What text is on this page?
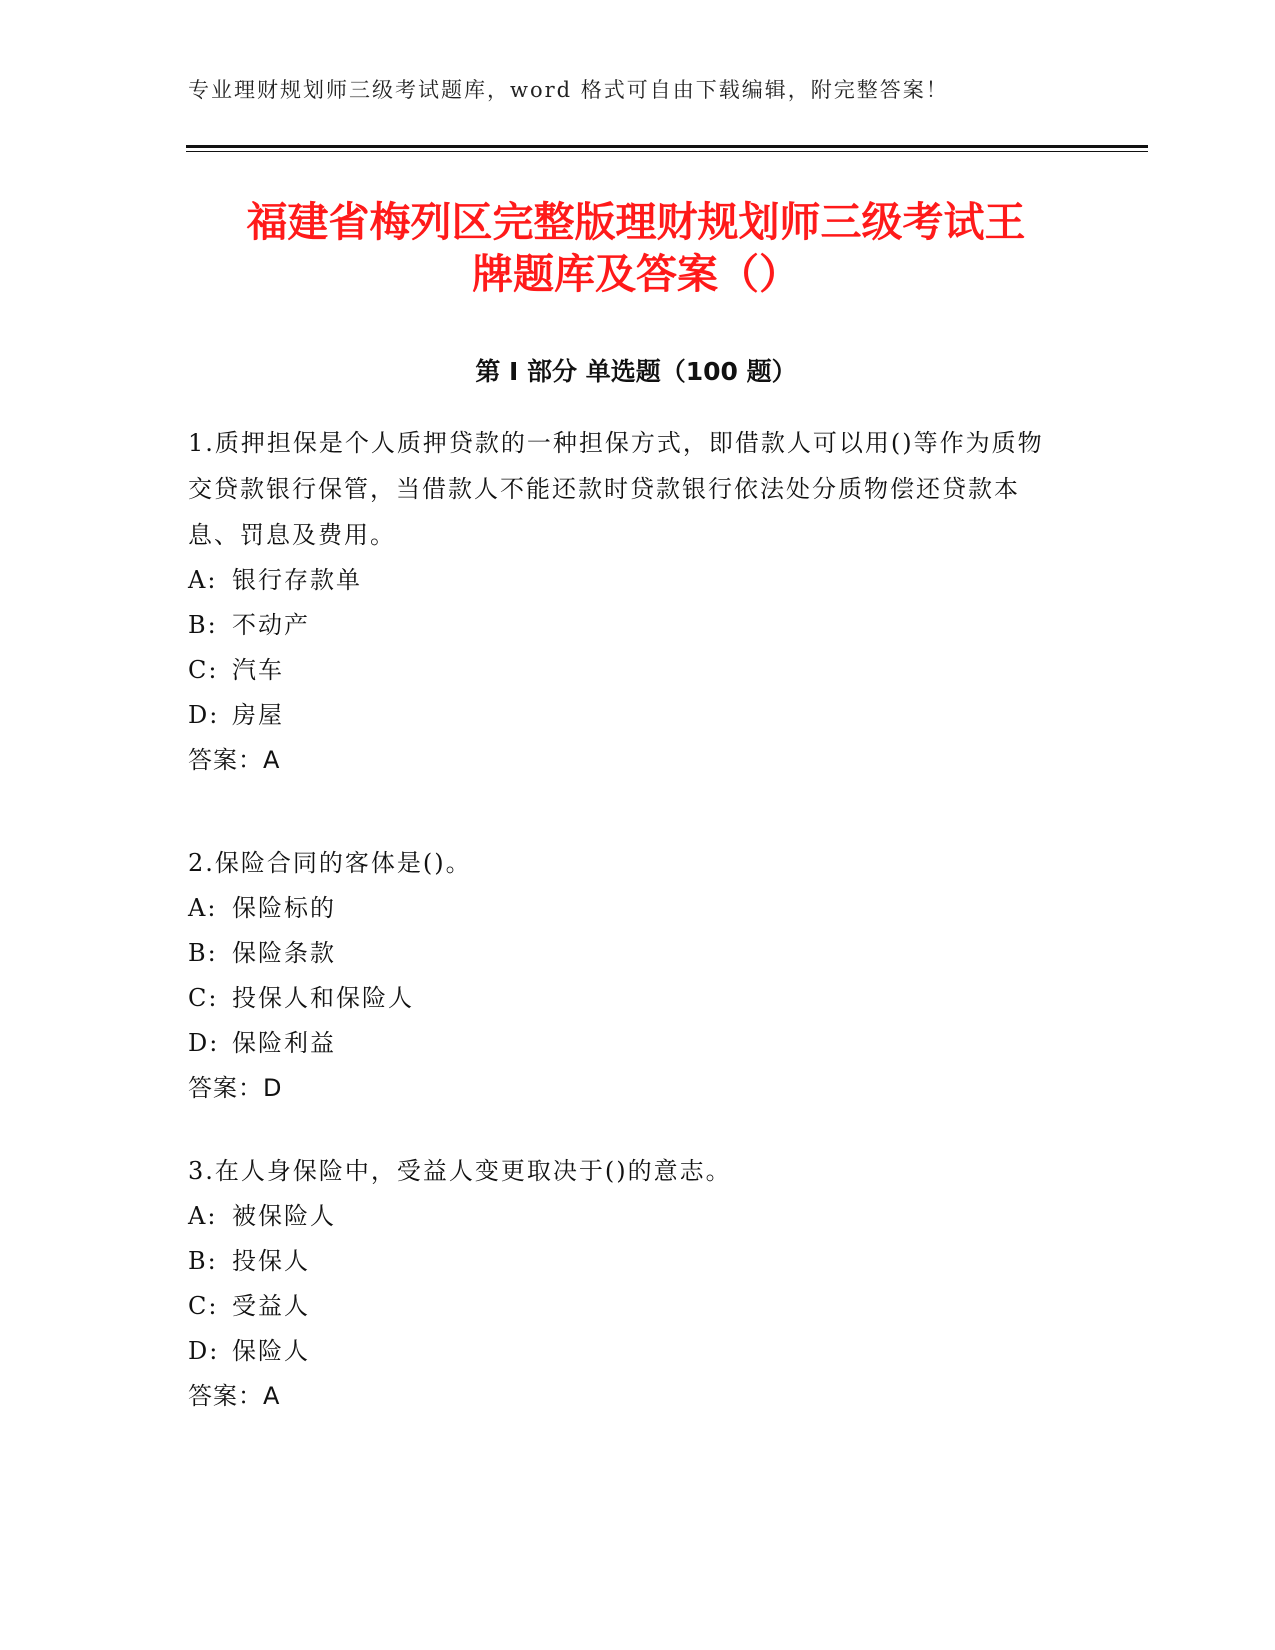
专业理财规划师三级考试题库，word 格式可自由下载编辑，附完整答案！
福建省梅列区完整版理财规划师三级考试王
牌题库及答案（）
第 I 部分 单选题（100 题）

1.质押担保是个人质押贷款的一种担保方式，即借款人可以用()等作为质物交贷款银行保管，当借款人不能还款时贷款银行依法处分质物偿还贷款本息、罚息及费用。

A: 银行存款单
B: 不动产
C: 汽车
D: 房屋
答案：A

2.保险合同的客体是()。

A: 保险标的
B: 保险条款
C: 投保人和保险人
D: 保险利益
答案：D

3.在人身保险中，受益人变更取决于()的意志。

A: 被保险人
B: 投保人
C: 受益人
D: 保险人
答案：A
